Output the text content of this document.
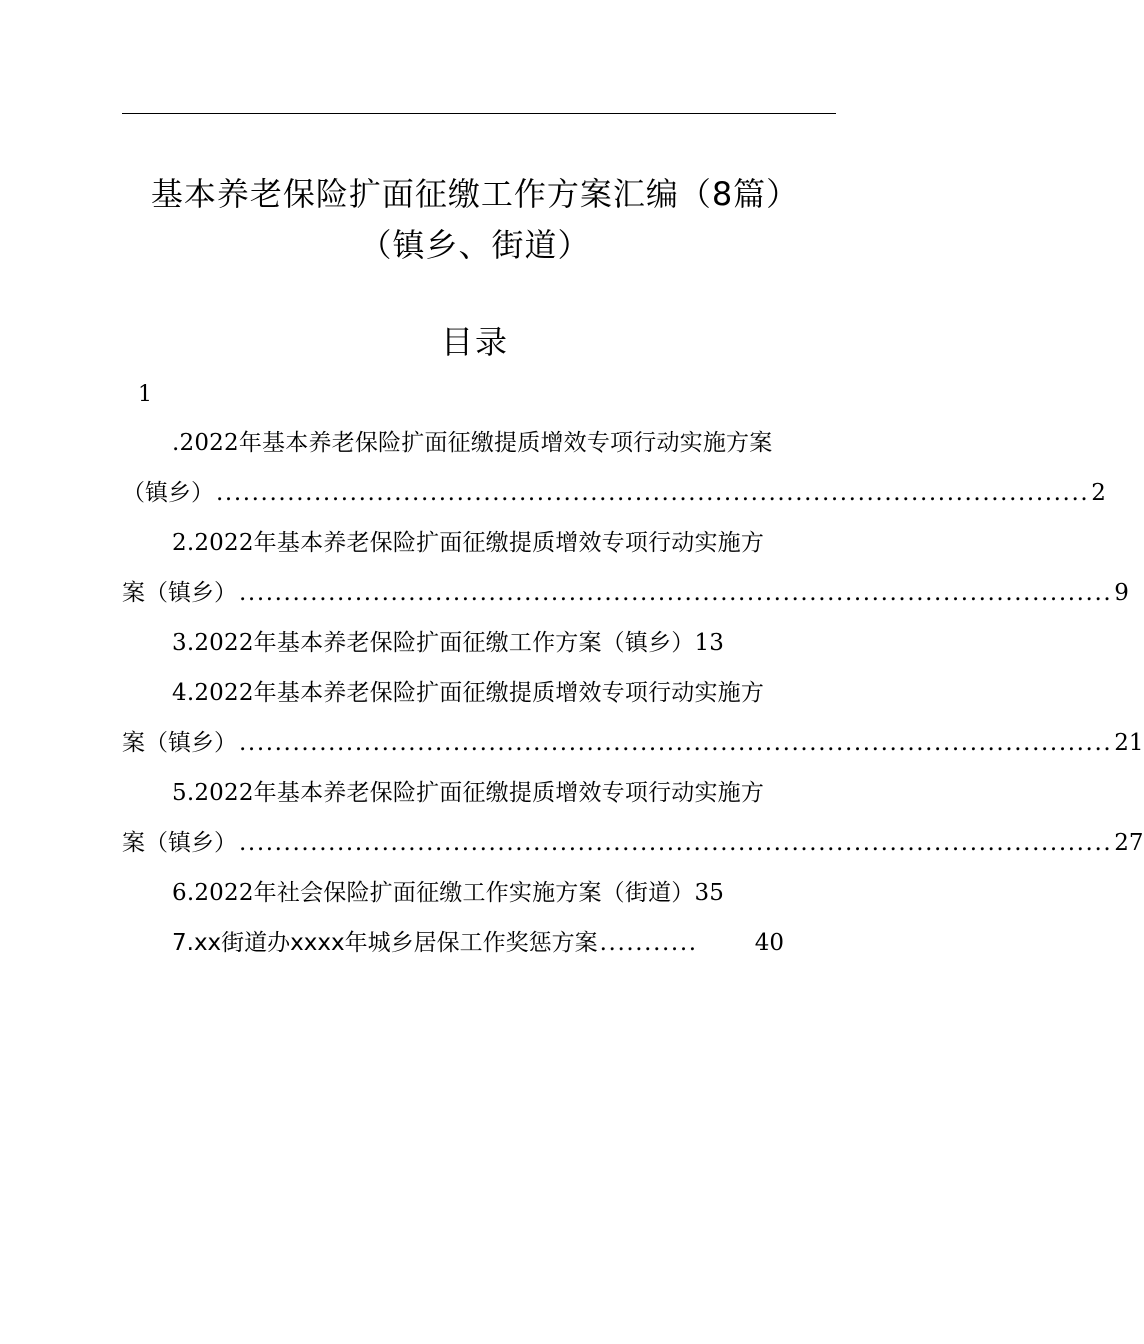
基本养老保险扩面征缴工作方案汇编（8篇）
（镇乡、街道）
目录
1
.2022年基本养老保险扩面征缴提质增效专项行动实施方案
（镇乡） .................................................................................................. 2
2.2022年基本养老保险扩面征缴提质增效专项行动实施方
案（镇乡） .................................................................................................. 9
3.2022年基本养老保险扩面征缴工作方案（镇乡）13
4.2022年基本养老保险扩面征缴提质增效专项行动实施方
案（镇乡） .................................................................................................. 21
5.2022年基本养老保险扩面征缴提质增效专项行动实施方
案（镇乡） .................................................................................................. 27
6.2022年社会保险扩面征缴工作实施方案（街道）35
7.xx街道办xxxx年城乡居保工作奖惩方案 ...........	40
